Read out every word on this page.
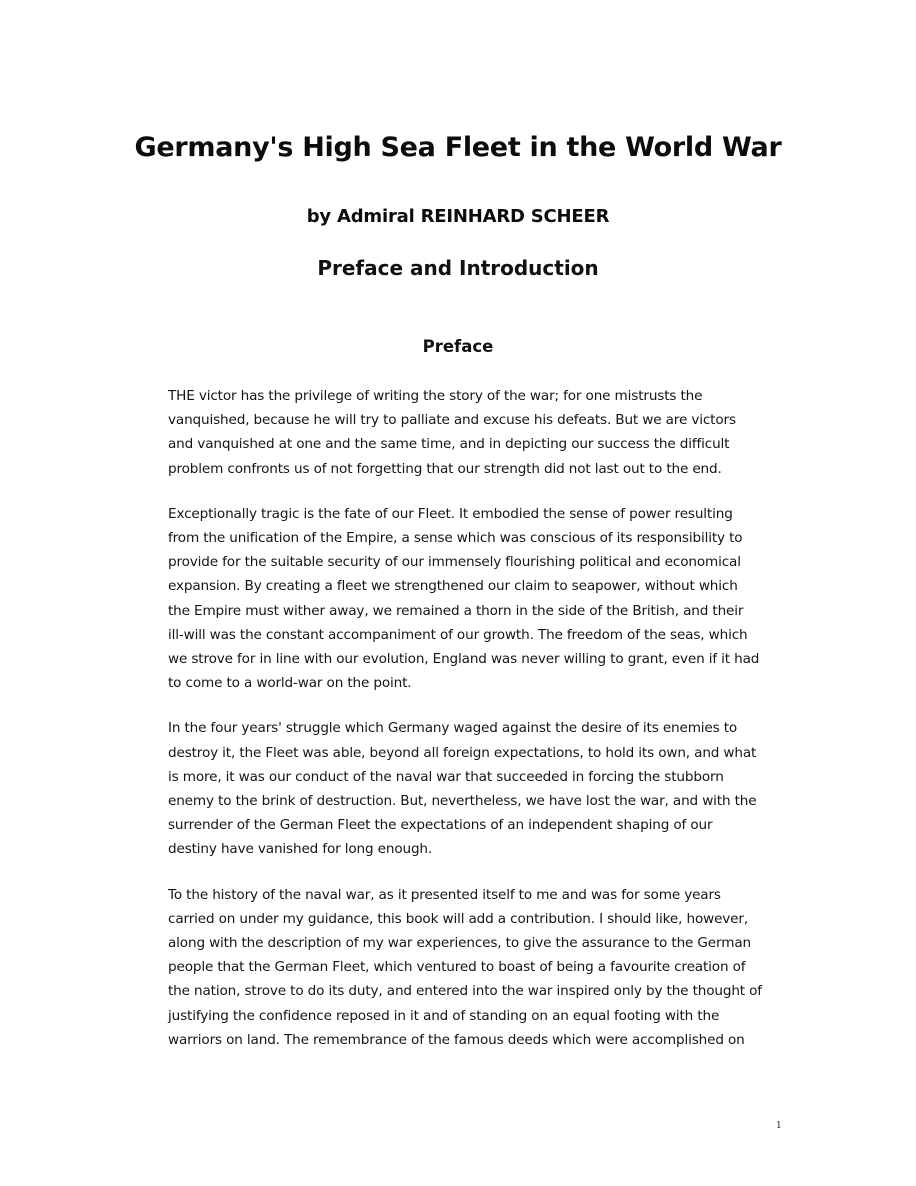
Germany's High Sea Fleet in the World War
by Admiral REINHARD SCHEER
Preface and Introduction
Preface

THE victor has the privilege of writing the story of the war; for one mistrusts the
vanquished, because he will try to palliate and excuse his defeats. But we are victors
and vanquished at one and the same time, and in depicting our success the difficult
problem confronts us of not forgetting that our strength did not last out to the end.

Exceptionally tragic is the fate of our Fleet. It embodied the sense of power resulting
from the unification of the Empire, a sense which was conscious of its responsibility to
provide for the suitable security of our immensely flourishing political and economical
expansion. By creating a fleet we strengthened our claim to seapower, without which
the Empire must wither away, we remained a thorn in the side of the British, and their
ill-will was the constant accompaniment of our growth. The freedom of the seas, which
we strove for in line with our evolution, England was never willing to grant, even if it had
to come to a world-war on the point.

In the four years' struggle which Germany waged against the desire of its enemies to
destroy it, the Fleet was able, beyond all foreign expectations, to hold its own, and what
is more, it was our conduct of the naval war that succeeded in forcing the stubborn
enemy to the brink of destruction. But, nevertheless, we have lost the war, and with the
surrender of the German Fleet the expectations of an independent shaping of our
destiny have vanished for long enough.

To the history of the naval war, as it presented itself to me and was for some years
carried on under my guidance, this book will add a contribution. I should like, however,
along with the description of my war experiences, to give the assurance to the German
people that the German Fleet, which ventured to boast of being a favourite creation of
the nation, strove to do its duty, and entered into the war inspired only by the thought of
justifying the confidence reposed in it and of standing on an equal footing with the
warriors on land. The remembrance of the famous deeds which were accomplished on

1
